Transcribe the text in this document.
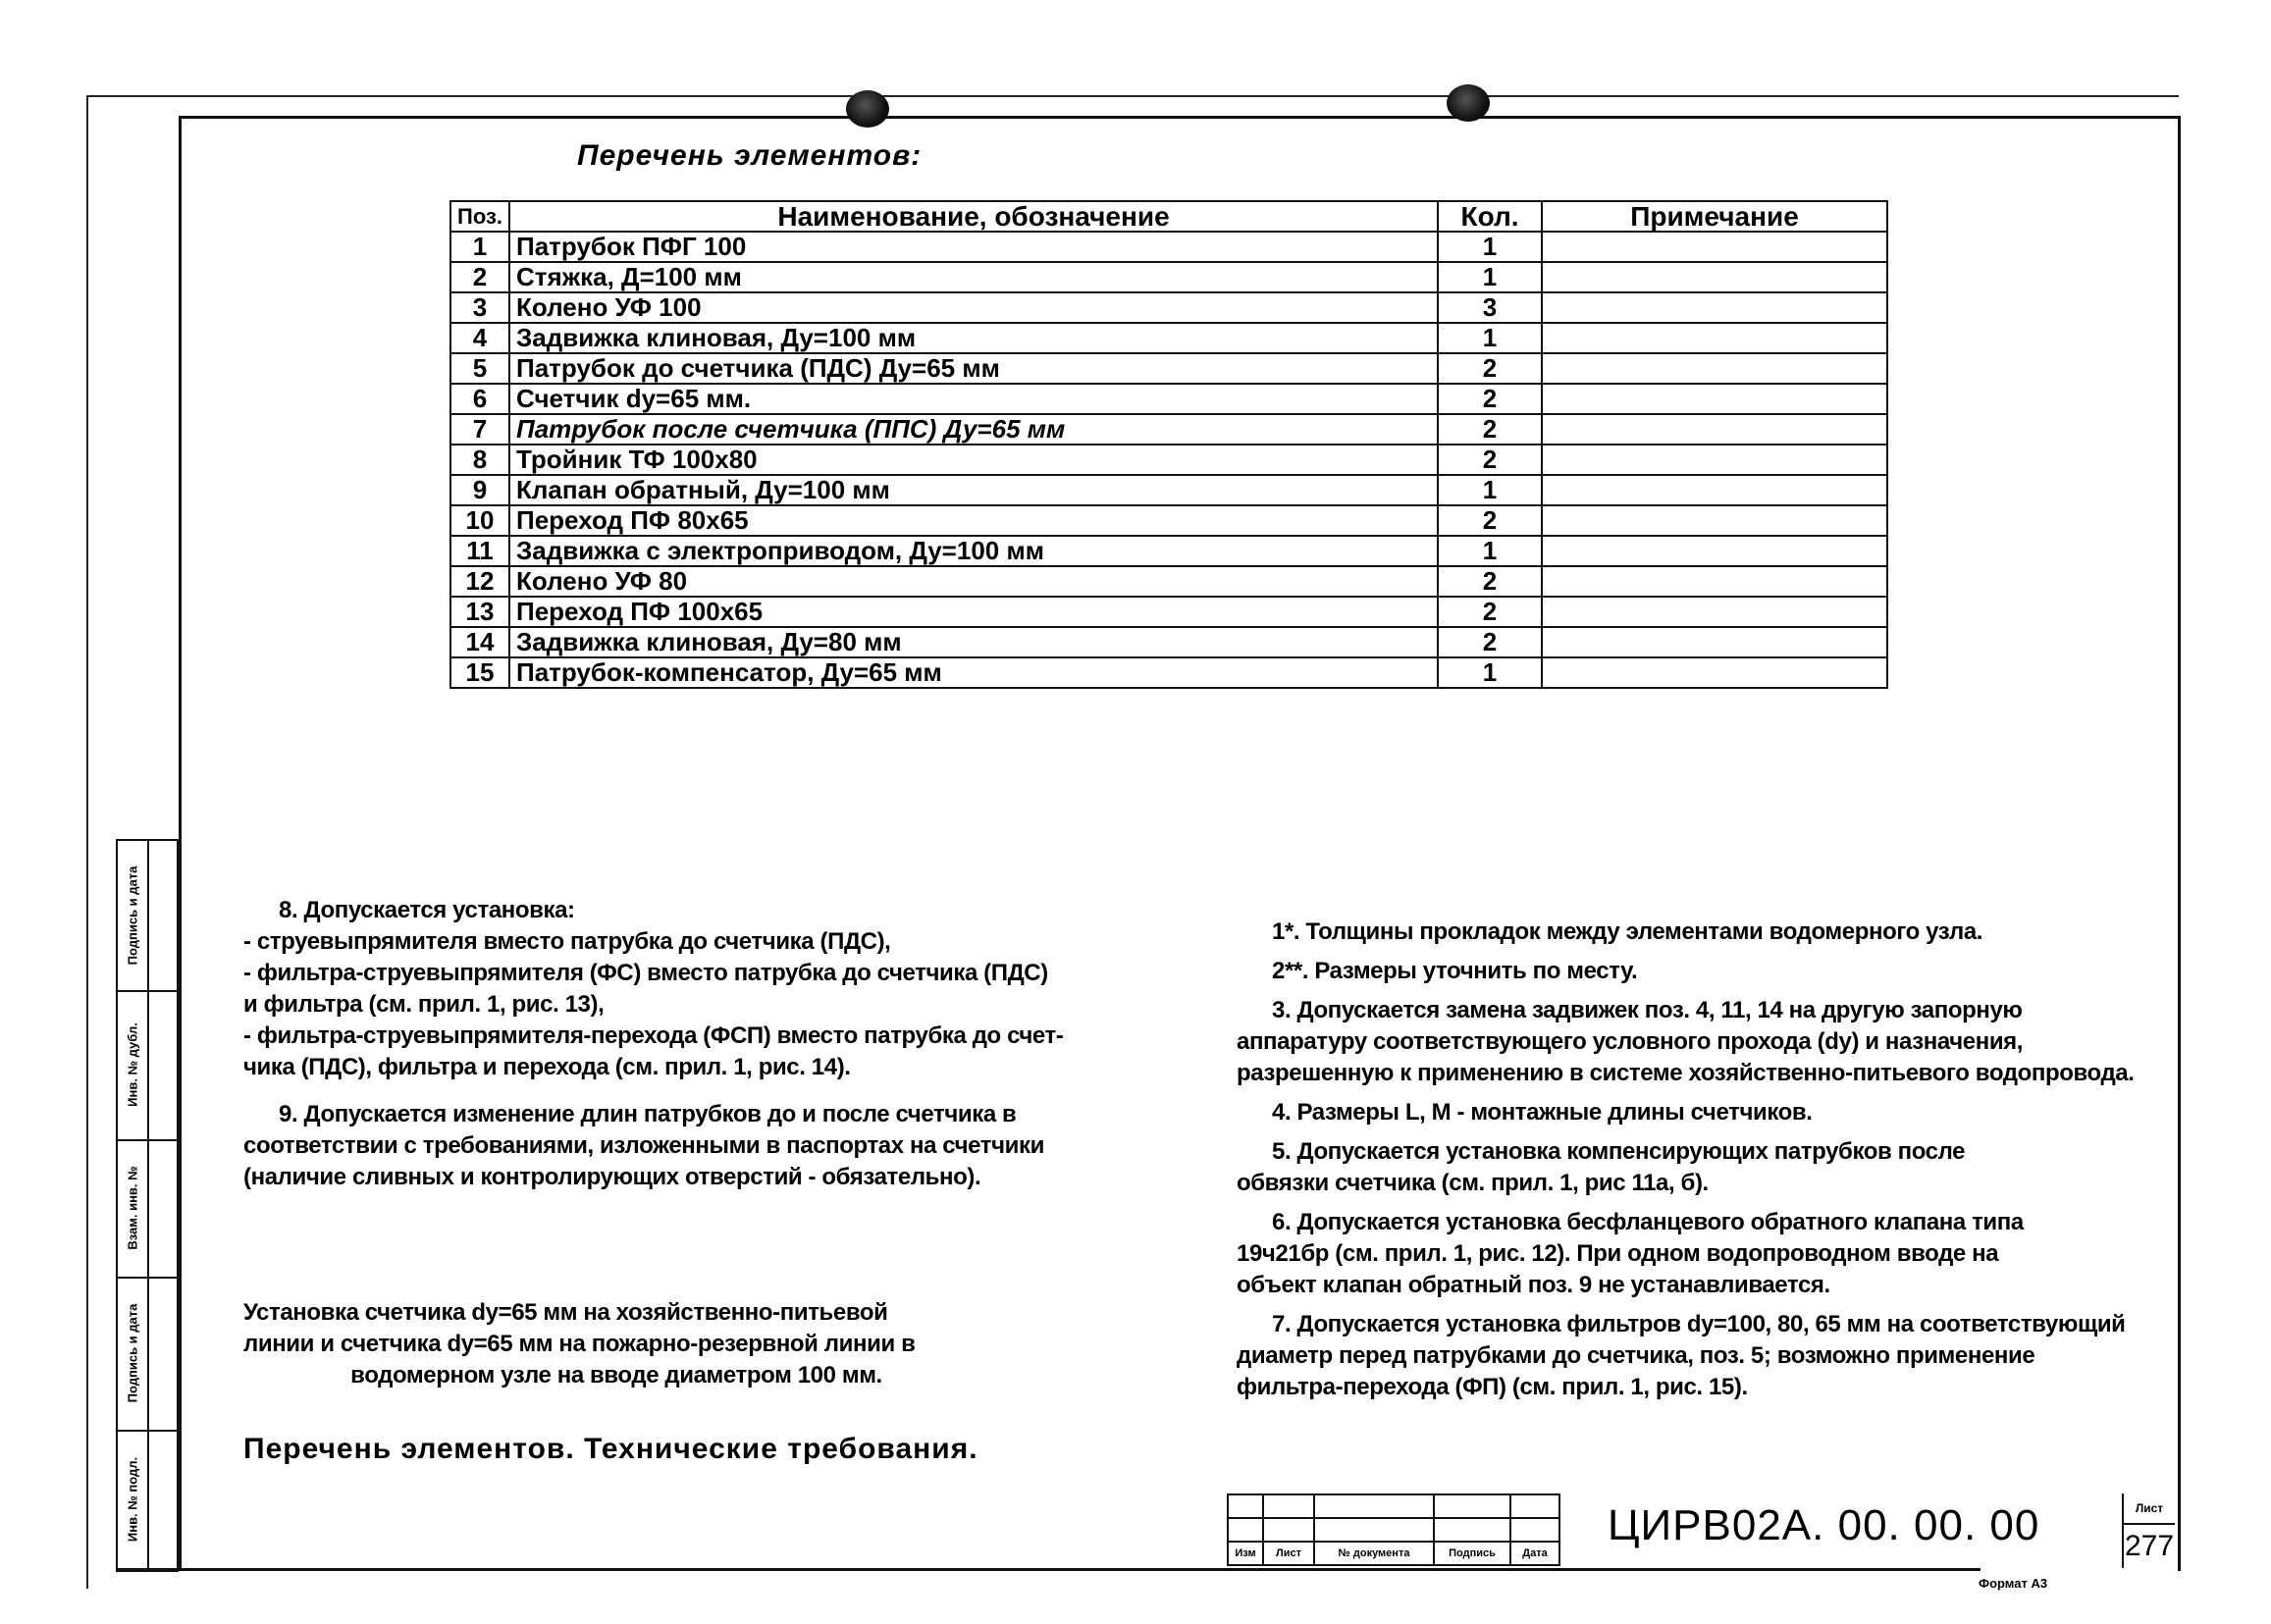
Подпись и дата
Инв. № дубл.
Взам. инв. №
Подпись и дата
Инв. № подл.
Перечень элементов:
Поз.	Наименование, обозначение	Кол.	Примечание
1	Патрубок ПФГ 100	1	
2	Стяжка, Д=100 мм	1	
3	Колено УФ 100	3	
4	Задвижка клиновая, Ду=100 мм	1	
5	Патрубок до счетчика (ПДС) Ду=65 мм	2	
6	Счетчик dy=65 мм.	2	
7	Патрубок после счетчика (ППС) Ду=65 мм	2	
8	Тройник ТФ 100х80	2	
9	Клапан обратный, Ду=100 мм	1	
10	Переход ПФ 80х65	2	
11	Задвижка с электроприводом, Ду=100 мм	1	
12	Колено УФ 80	2	
13	Переход ПФ 100х65	2	
14	Задвижка клиновая, Ду=80 мм	2	
15	Патрубок-компенсатор, Ду=65 мм	1	

8. Допускается установка:

- струевыпрямителя вместо патрубка до счетчика (ПДС),

- фильтра-струевыпрямителя (ФС) вместо патрубка до счетчика (ПДС)

и фильтра (см. прил. 1, рис. 13),

- фильтра-струевыпрямителя-перехода (ФСП) вместо патрубка до счет-

чика (ПДС), фильтра и перехода (см. прил. 1, рис. 14).

9. Допускается изменение длин патрубков до и после счетчика в

соответствии с требованиями, изложенными в паспортах на счетчики

(наличие сливных и контролирующих отверстий - обязательно).

Установка счетчика dy=65 мм на хозяйственно-питьевой

линии и счетчика dy=65 мм на пожарно-резервной линии в

водомерном узле на вводе диаметром 100 мм.

Перечень элементов. Технические требования.

1*. Толщины прокладок между элементами водомерного узла.

2**. Размеры уточнить по месту.

3. Допускается замена задвижек поз. 4, 11, 14 на другую запорную

аппаратуру соответствующего условного прохода (dy) и назначения,

разрешенную к применению в системе хозяйственно-питьевого водопровода.

4. Размеры L, M - монтажные длины счетчиков.

5. Допускается установка компенсирующих патрубков после

обвязки счетчика (см. прил. 1, рис 11а, б).

6. Допускается установка бесфланцевого обратного клапана типа

19ч21бр (см. прил. 1, рис. 12). При одном водопроводном вводе на

объект клапан обратный поз. 9 не устанавливается.

7. Допускается установка фильтров dy=100, 80, 65 мм на соответствующий

диаметр перед патрубками до счетчика, поз. 5; возможно применение

фильтра-перехода (ФП) (см. прил. 1, рис. 15).

Изм	Лист	№ документа	Подпись	Дата
ЦИРВ02А. 00. 00. 00	Лист
277
Формат А3
